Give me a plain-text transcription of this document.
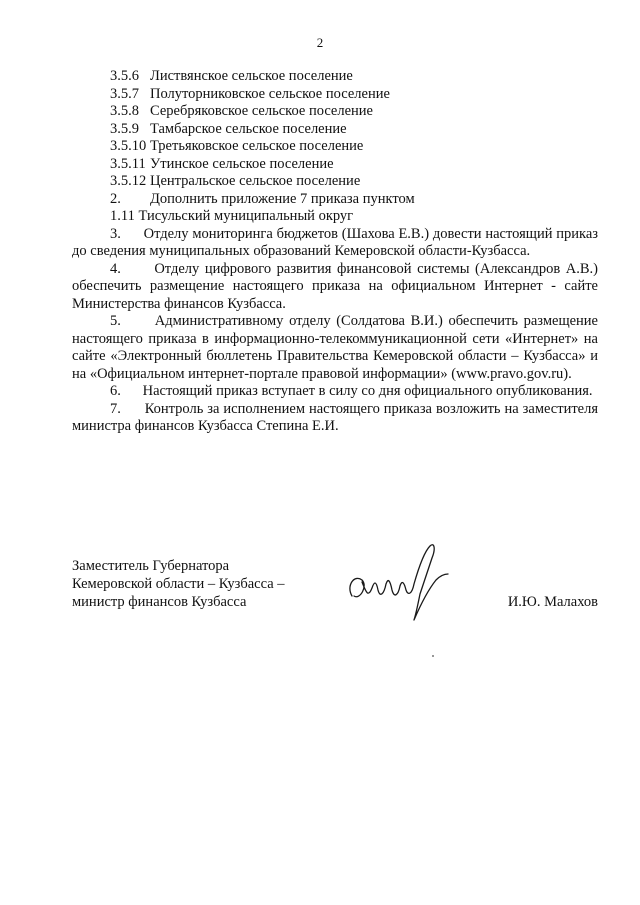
2
3.5.6 Листвянское сельское поселение
3.5.7 Полуторниковское сельское поселение
3.5.8 Серебряковское сельское поселение
3.5.9 Тамбарское сельское поселение
3.5.10 Третьяковское сельское поселение
3.5.11 Утинское сельское поселение
3.5.12 Центральское сельское поселение
2. Дополнить приложение 7 приказа пунктом
1.11 Тисульский муниципальный округ
3. Отделу мониторинга бюджетов (Шахова Е.В.) довести настоящий приказ до сведения муниципальных образований Кемеровской области-Кузбасса.
4. Отделу цифрового развития финансовой системы (Александров А.В.) обеспечить размещение настоящего приказа на официальном Интернет - сайте Министерства финансов Кузбасса.
5. Административному отделу (Солдатова В.И.) обеспечить размещение настоящего приказа в информационно-телекоммуникационной сети «Интернет» на сайте «Электронный бюллетень Правительства Кемеровской области – Кузбасса» и на «Официальном интернет-портале правовой информации» (www.pravo.gov.ru).
6. Настоящий приказ вступает в силу со дня официального опубликования.
7. Контроль за исполнением настоящего приказа возложить на заместителя министра финансов Кузбасса Степина Е.И.
Заместитель Губернатора
Кемеровской области – Кузбасса –
министр финансов Кузбасса	И.Ю. Малахов
